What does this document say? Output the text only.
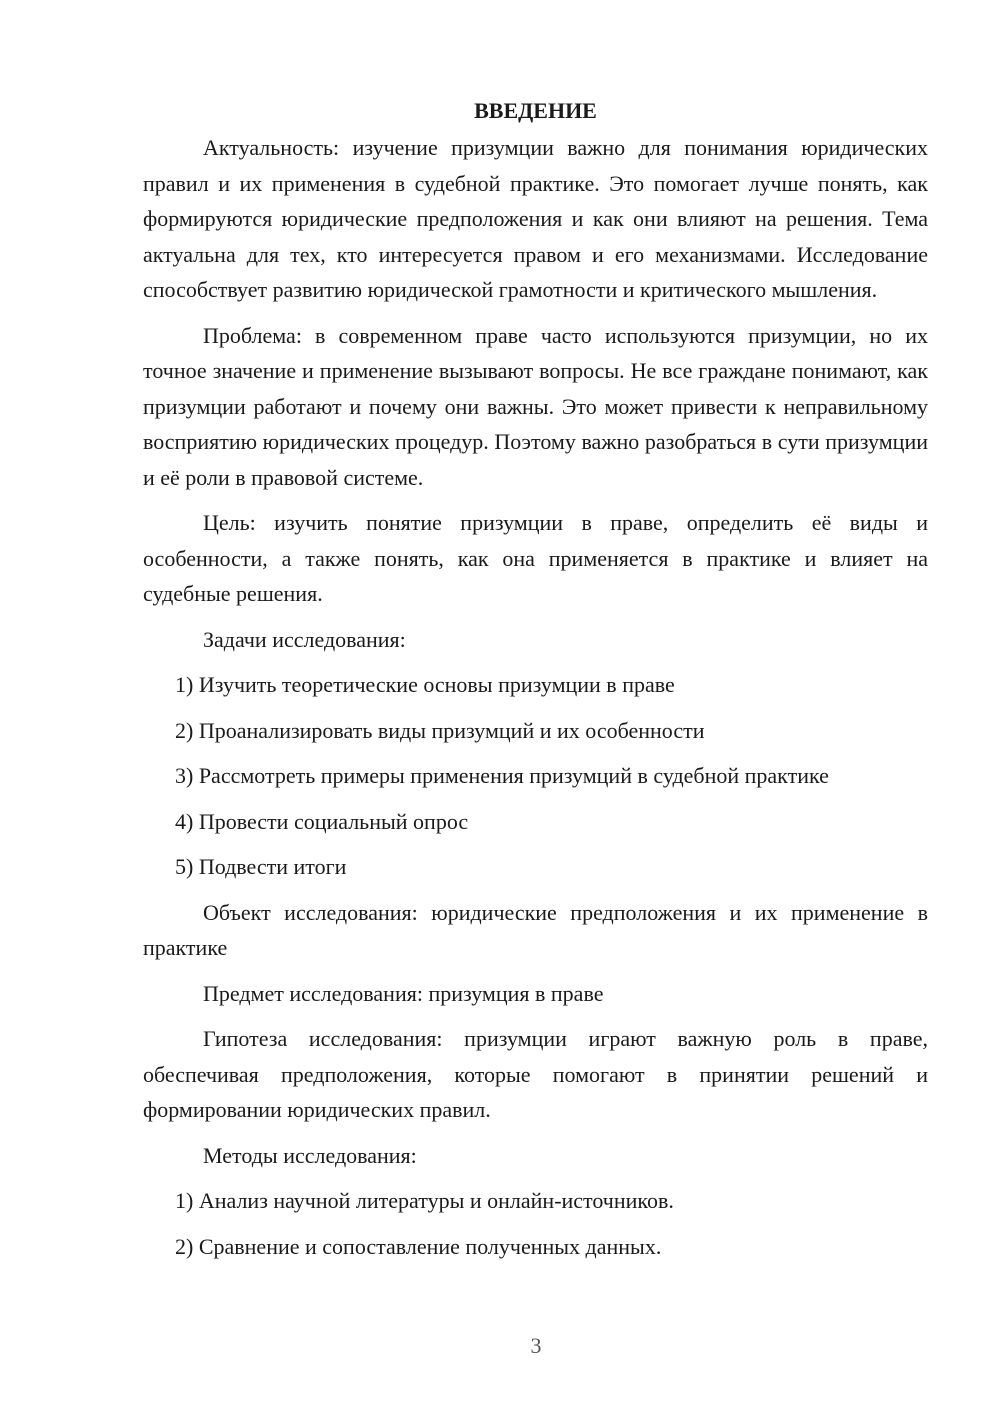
ВВЕДЕНИЕ

Актуальность: изучение призумции важно для понимания юридических правил и их применения в судебной практике. Это помогает лучше понять, как формируются юридические предположения и как они влияют на решения. Тема актуальна для тех, кто интересуется правом и его механизмами. Исследование способствует развитию юридической грамотности и критического мышления.

Проблема: в современном праве часто используются призумции, но их точное значение и применение вызывают вопросы. Не все граждане понимают, как призумции работают и почему они важны. Это может привести к неправильному восприятию юридических процедур. Поэтому важно разобраться в сути призумции и её роли в правовой системе.

Цель: изучить понятие призумции в праве, определить её виды и особенности, а также понять, как она применяется в практике и влияет на судебные решения.

Задачи исследования:

1) Изучить теоретические основы призумции в праве
2) Проанализировать виды призумций и их особенности
3) Рассмотреть примеры применения призумций в судебной практике
4) Провести социальный опрос
5) Подвести итоги

Объект исследования: юридические предположения и их применение в практике

Предмет исследования: призумция в праве

Гипотеза исследования: призумции играют важную роль в праве, обеспечивая предположения, которые помогают в принятии решений и формировании юридических правил.

Методы исследования:

1) Анализ научной литературы и онлайн-источников.
2) Сравнение и сопоставление полученных данных.
3
